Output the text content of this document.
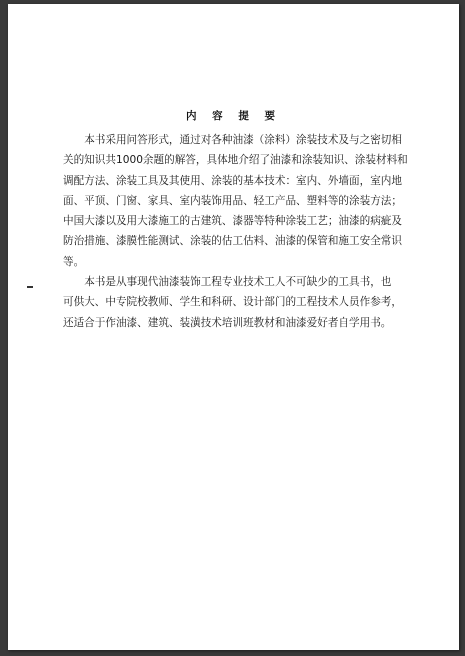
内 容 提 要

本书采用问答形式，通过对各种油漆（涂料）涂装技术及与之密切相
关的知识共1000余题的解答，具体地介绍了油漆和涂装知识、涂装材料和
调配方法、涂装工具及其使用、涂装的基本技术：室内、外墙面，室内地
面、平顶、门窗、家具、室内装饰用品、轻工产品、塑料等的涂装方法；
中国大漆以及用大漆施工的古建筑、漆器等特种涂装工艺；油漆的病疵及
防治措施、漆膜性能测试、涂装的估工估料、油漆的保管和施工安全常识
等。

本书是从事现代油漆装饰工程专业技术工人不可缺少的工具书，也
可供大、中专院校教师、学生和科研、设计部门的工程技术人员作参考，
还适合于作油漆、建筑、装潢技术培训班教材和油漆爱好者自学用书。
